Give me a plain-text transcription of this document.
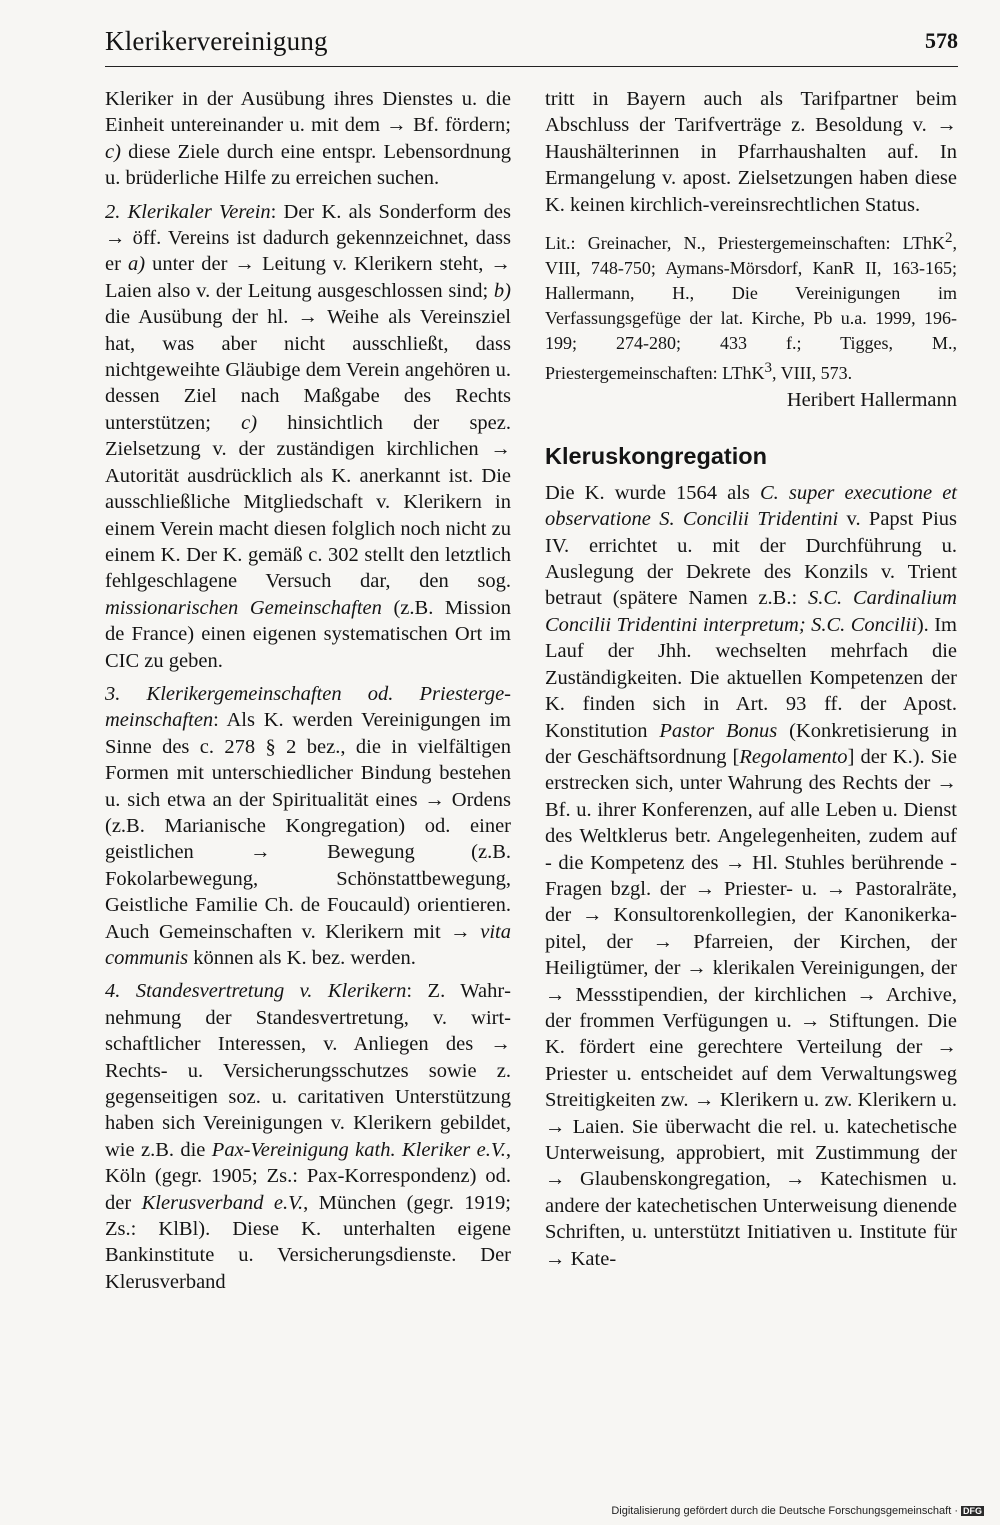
Klerikervereinigung	578

Kleriker in der Ausübung ihres Dienstes u. die Einheit untereinander u. mit dem → Bf. fördern; c) diese Ziele durch eine entspr. Lebensordnung u. brüderliche Hilfe zu erreichen suchen.

2. Klerikaler Verein: Der K. als Sonderform des → öff. Vereins ist dadurch gekennzeichnet, dass er a) unter der → Leitung v. Klerikern steht, → Laien also v. der Leitung ausgeschlossen sind; b) die Ausübung der hl. → Weihe als Vereinsziel hat, was aber nicht ausschließt, dass nichtgeweihte Gläubige dem Verein angehören u. dessen Ziel nach Maßgabe des Rechts unterstützen; c) hinsichtlich der spez. Zielsetzung v. der zuständigen kirchlichen → Autorität ausdrücklich als K. anerkannt ist. Die ausschließliche Mitgliedschaft v. Klerikern in einem Verein macht diesen folglich noch nicht zu einem K. Der K. gemäß c. 302 stellt den letztlich fehlgeschlagene Versuch dar, den sog. missionarischen Gemeinschaften (z.B. Mission de France) einen eigenen systematischen Ort im CIC zu geben.

3. Klerikergemeinschaften od. Priestergemeinschaften: Als K. werden Vereinigungen im Sinne des c. 278 § 2 bez., die in vielfältigen Formen mit unterschiedlicher Bindung bestehen u. sich etwa an der Spiritualität eines → Ordens (z.B. Marianische Kongregation) od. einer geistlichen → Bewegung (z.B. Fokolarbewegung, Schönstattbewegung, Geistliche Familie Ch. de Foucauld) orientieren. Auch Gemeinschaften v. Klerikern mit → vita communis können als K. bez. werden.

4. Standesvertretung v. Klerikern: Z. Wahrnehmung der Standesvertretung, v. wirtschaftlicher Interessen, v. Anliegen des → Rechts- u. Versicherungsschutzes sowie z. gegenseitigen soz. u. caritativen Unterstützung haben sich Vereinigungen v. Klerikern gebildet, wie z.B. die Pax-Vereinigung kath. Kleriker e.V., Köln (gegr. 1905; Zs.: Pax-Korrespondenz) od. der Klerusverband e.V., München (gegr. 1919; Zs.: KlBl). Diese K. unterhalten eigene Bankinstitute u. Versicherungsdienste. Der Klerusverband

tritt in Bayern auch als Tarifpartner beim Abschluss der Tarifverträge z. Besoldung v. → Haushälterinnen in Pfarrhaushalten auf. In Ermangelung v. apost. Zielsetzungen haben diese K. keinen kirchlich-vereinsrechtlichen Status.

Lit.: Greinacher, N., Priestergemeinschaften: LThK$^2$, VIII, 748-750; Aymans-Mörsdorf, KanR II, 163-165; Hallermann, H., Die Vereinigungen im Verfassungsgefüge der lat. Kirche, Pb u.a. 1999, 196-199; 274-280; 433 f.; Tigges, M., Priestergemeinschaften: LThK$^3$, VIII, 573.

Heribert Hallermann

Kleruskongregation

Die K. wurde 1564 als C. super executione et observatione S. Concilii Tridentini v. Papst Pius IV. errichtet u. mit der Durchführung u. Auslegung der Dekrete des Konzils v. Trient betraut (spätere Namen z.B.: S.C. Cardinalium Concilii Tridentini interpretum; S.C. Concilii). Im Lauf der Jhh. wechselten mehrfach die Zuständigkeiten. Die aktuellen Kompetenzen der K. finden sich in Art. 93 ff. der Apost. Konstitution Pastor Bonus (Konkretisierung in der Geschäftsordnung [Regolamento] der K.). Sie erstrecken sich, unter Wahrung des Rechts der → Bf. u. ihrer Konferenzen, auf alle Leben u. Dienst des Weltklerus betr. Angelegenheiten, zudem auf - die Kompetenz des → Hl. Stuhles berührende - Fragen bzgl. der → Priester- u. → Pastoralräte, der → Konsultorenkollegien, der Kanonikerkapitel, der → Pfarreien, der Kirchen, der Heiligtümer, der → klerikalen Vereinigungen, der → Messstipendien, der kirchlichen → Archive, der frommen Verfügungen u. → Stiftungen. Die K. fördert eine gerechtere Verteilung der → Priester u. entscheidet auf dem Verwaltungsweg Streitigkeiten zw. → Klerikern u. zw. Klerikern u. → Laien. Sie überwacht die rel. u. katechetische Unterweisung, approbiert, mit Zustimmung der → Glaubenskongregation, → Katechismen u. andere der katechetischen Unterweisung dienende Schriften, u. unterstützt Initiativen u. Institute für → Kate-

Digitalisierung gefördert durch die Deutsche Forschungsgemeinschaft · DFG
